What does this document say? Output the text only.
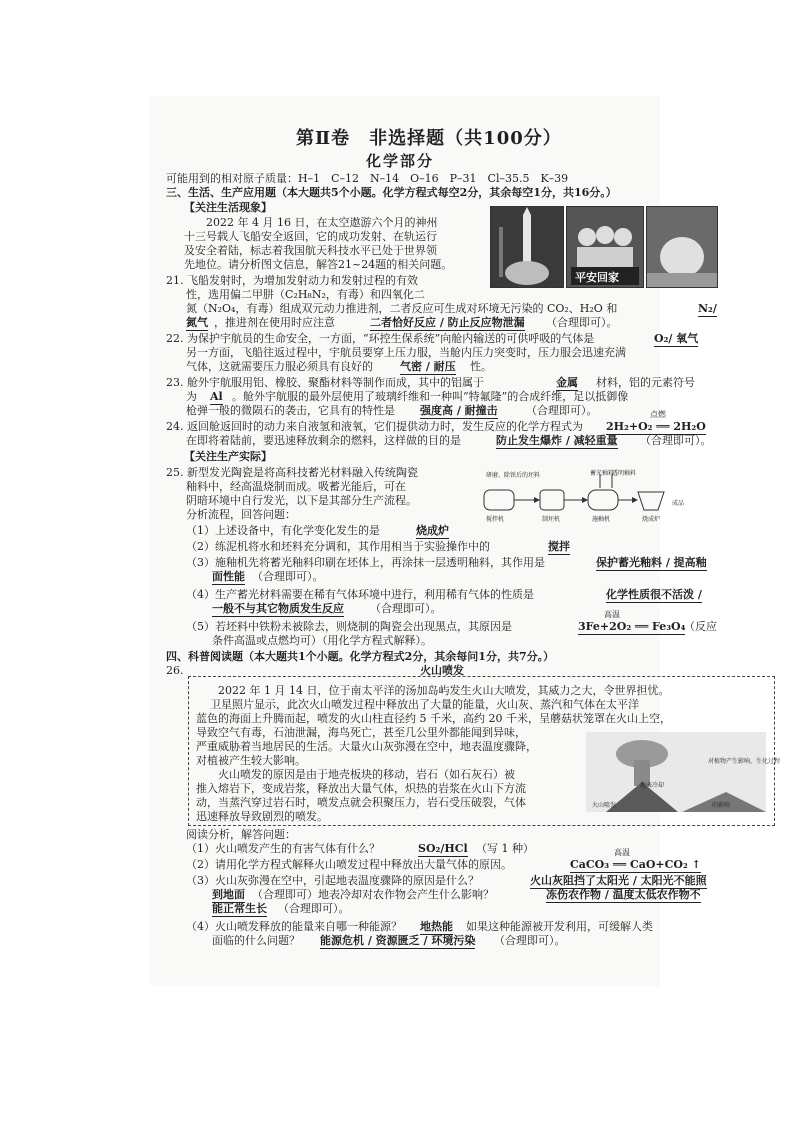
第Ⅱ卷　非选择题（共100分）
化学部分
可能用到的相对原子质量：H–1　C–12　N–14　O–16　P–31　Cl–35.5　K–39
三、生活、生产应用题（本大题共5个小题。化学方程式每空2分，其余每空1分，共16分。）
【关注生活现象】
　　2022 年 4 月 16 日，在太空遨游六个月的神州
十三号载人飞船安全返回，它的成功发射、在轨运行
及安全着陆，标志着我国航天科技水平已处于世界领
先地位。请分析图文信息，解答21~24题的相关问题。
平安回家
21. 飞船发射时，为增加发射动力和发射过程的有效
性，选用偏二甲肼（C₂H₈N₂，有毒）和四氧化二
氮（N₂O₄，有毒）组成双元动力推进剂，二者反应可生成对环境无污染的 CO₂、H₂O 和	N₂/
氮气 ，推进剂在使用时应注意	二者恰好反应 / 防止反应物泄漏 （合理即可）。
22. 为保护宇航员的生命安全，一方面，“环控生保系统”向舱内输送的可供呼吸的气体是	O₂/ 氧气
另一方面，飞船往返过程中，宇航员要穿上压力服，当舱内压力突变时，压力服会迅速充满
气体，这就需要压力服必须具有良好的 气密 / 耐压 性。
23. 舱外宇航服用铝、橡胶、聚酯材料等制作而成，其中的铝属于	金属 材料，铝的元素符号
为 Al 。舱外宇航服的最外层使用了玻璃纤维和一种叫“特氟隆”的合成纤维，足以抵御像
枪弹一般的微陨石的袭击，它具有的特性是 强度高 / 耐撞击	（合理即可）。
24. 返回舱返回时的动力来自液氢和液氧，它们提供动力时，发生反应的化学方程式为
点燃
2H₂+O₂ ══ 2H₂O
在即将着陆前，要迅速释放剩余的燃料，这样做的目的是	防止发生爆炸 / 减轻重量 （合理即可）。
【关注生产实际】
25. 新型发光陶瓷是将高科技蓄光材料融入传统陶瓷
釉料中，经高温烧制而成。吸蓄光能后，可在
阴暗环境中自行发光，以下是其部分生产流程。
分析流程，回答问题：
研磨、除铁后的坯料	蓄光釉料
透明釉料
搅拌机	制坯机	施釉机	烧成炉
成品
（1）上述设备中，有化学变化发生的是	烧成炉
（2）练泥机将水和坯料充分调和，其作用相当于实验操作中的	搅拌
（3）施釉机先将蓄光釉料印刷在坯体上，再涂抹一层透明釉料，其作用是	保护蓄光釉料 / 提高釉
面性能 （合理即可）。
（4）生产蓄光材料需要在稀有气体环境中进行，利用稀有气体的性质是	化学性质很不活泼 /
一般不与其它物质发生反应 （合理即可）。
（5）若坯料中铁粉未被除去，则烧制的陶瓷会出现黑点，其原因是
高温
3Fe+2O₂ ══ Fe₃O₄
（反应
条件高温或点燃均可）（用化学方程式解释）。
四、科普阅读题（本大题共1个小题。化学方程式2分，其余每问1分，共7分。）
26.	火山喷发
　　2022 年 1 月 14 日，位于南太平洋的汤加岛屿发生火山大喷发，其威力之大，令世界担忧。
卫星照片显示，此次火山喷发过程中释放出了大量的能量，火山灰、蒸汽和气体在太平洋
蓝色的海面上升腾而起，喷发的火山柱直径约 5 千米，高约 20 千米，呈蘑菇状笼罩在火山上空，
导致空气有毒，石油泄漏，海鸟死亡，甚至几公里外都能闻到异味，
严重威胁着当地居民的生活。大量火山灰弥漫在空中，地表温度骤降，
对植被产生较大影响。
　　火山喷发的原因是由于地壳板块的移动，岩石（如石灰石）被
推入熔岩下，变成岩浆，释放出大量气体，炽热的岩浆在火山下方流
动，当蒸汽穿过岩石时，喷发点就会积聚压力，岩石受压破裂，气体
迅速释放导致剧烈的喷发。
对植物产生影响，生化过程
地表冷却
火山喷发	的影响
阅读分析，解答问题：
（1）火山喷发产生的有害气体有什么？	SO₂/HCl （写 1 种）
（2）请用化学方程式解释火山喷发过程中释放出大量气体的原因。
高温
CaCO₃ ══ CaO+CO₂ ↑
（3）火山灰弥漫在空中，引起地表温度骤降的原因是什么？	火山灰阻挡了太阳光 / 太阳光不能照
到地面 （合理即可）地表冷却对农作物会产生什么影响？	冻伤农作物 / 温度太低农作物不
能正常生长 （合理即可）。
（4）火山喷发释放的能量来自哪一种能源？ 地热能 如果这种能源被开发利用，可缓解人类
面临的什么问题？ 能源危机 / 资源匮乏 / 环境污染 （合理即可）。
